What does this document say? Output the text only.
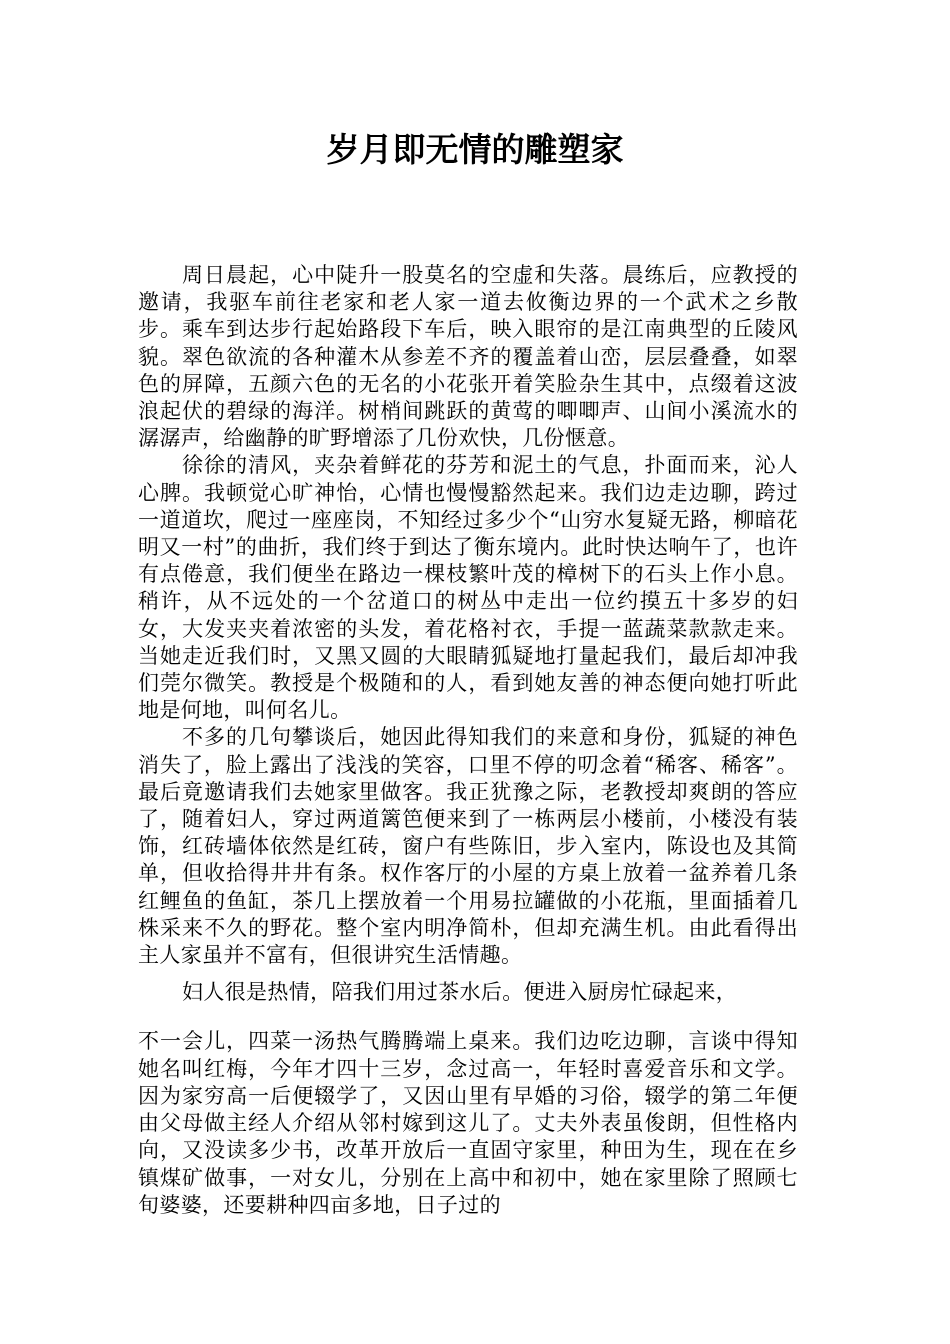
岁月即无情的雕塑家

周日晨起，心中陡升一股莫名的空虚和失落。晨练后，应教授的邀请，我驱车前往老家和老人家一道去攸衡边界的一个武术之乡散步。乘车到达步行起始路段下车后，映入眼帘的是江南典型的丘陵风貌。翠色欲流的各种灌木从参差不齐的覆盖着山峦，层层叠叠，如翠色的屏障，五颜六色的无名的小花张开着笑脸杂生其中，点缀着这波浪起伏的碧绿的海洋。树梢间跳跃的黄莺的唧唧声、山间小溪流水的潺潺声，给幽静的旷野增添了几份欢快，几份惬意。

徐徐的清风，夹杂着鲜花的芬芳和泥土的气息，扑面而来，沁人心脾。我顿觉心旷神怡，心情也慢慢豁然起来。我们边走边聊，跨过一道道坎，爬过一座座岗，不知经过多少个“山穷水复疑无路，柳暗花明又一村”的曲折，我们终于到达了衡东境内。此时快达响午了，也许有点倦意，我们便坐在路边一棵枝繁叶茂的樟树下的石头上作小息。稍许，从不远处的一个岔道口的树丛中走出一位约摸五十多岁的妇女，大发夹夹着浓密的头发，着花格衬衣，手提一蓝蔬菜款款走来。当她走近我们时，又黑又圆的大眼睛狐疑地打量起我们，最后却冲我们莞尔微笑。教授是个极随和的人，看到她友善的神态便向她打听此地是何地，叫何名儿。

不多的几句攀谈后，她因此得知我们的来意和身份，狐疑的神色消失了，脸上露出了浅浅的笑容，口里不停的叨念着“稀客、稀客”。最后竟邀请我们去她家里做客。我正犹豫之际，老教授却爽朗的答应了，随着妇人，穿过两道篱笆便来到了一栋两层小楼前，小楼没有装饰，红砖墙体依然是红砖，窗户有些陈旧，步入室内，陈设也及其简单，但收拾得井井有条。权作客厅的小屋的方桌上放着一盆养着几条红鲤鱼的鱼缸，茶几上摆放着一个用易拉罐做的小花瓶，里面插着几株采来不久的野花。整个室内明净简朴，但却充满生机。由此看得出主人家虽并不富有，但很讲究生活情趣。

妇人很是热情，陪我们用过茶水后。便进入厨房忙碌起来，

不一会儿，四菜一汤热气腾腾端上桌来。我们边吃边聊，言谈中得知她名叫红梅，今年才四十三岁，念过高一，年轻时喜爱音乐和文学。因为家穷高一后便辍学了，又因山里有早婚的习俗，辍学的第二年便由父母做主经人介绍从邻村嫁到这儿了。丈夫外表虽俊朗，但性格内向，又没读多少书，改革开放后一直固守家里，种田为生，现在在乡镇煤矿做事，一对女儿，分别在上高中和初中，她在家里除了照顾七旬婆婆，还要耕种四亩多地，日子过的
